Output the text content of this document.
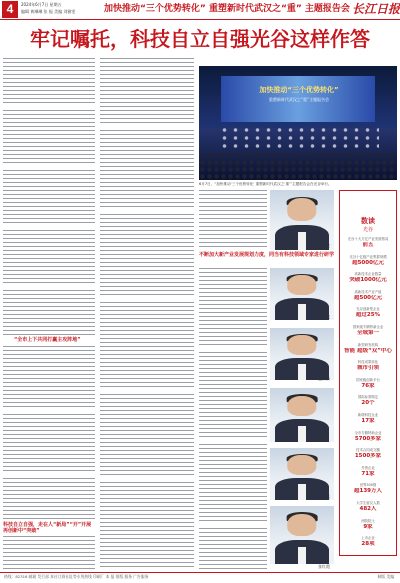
4	2024年6月7日 星期五
编辑 黄琳琳 张 振 美编 刘雅雯	加快推动“三个优势转化” 重塑新时代武汉之“重” 主题报告会 长江日报
牢记嘱托，科技自立自强光谷这样作答
“全市上下共同打赢主攻阵地”
科技自立自强，走在人“新局”“开”开展再创新中“突破”
加快推动“三个优势转化”
重塑新时代武汉之“重”主题报告会
6月7日，“加快推动‘三个优势转化’ 重塑新时代武汉之‘重’”主题报告会在光谷举行。
不断加大新产业发展规划力度，同当有科技领域专家进行研学
马明亮
刘显飞
赵伟新
胡剑
王仁运
张红霞
数读
光谷
光谷十大万亿产业发展格局
前五
光谷十亿级产业集群规模
超5000亿元
高新技术企业数量
突破1000亿元
高新技术产业产值
超500亿元
光谷创新型企业
超过25%
国家级专精特新企业
全域第一
新型研发机构
智能 超级“双”中心
科技成果转化
城市引领
国家级创新平台
76家
国际标准制定
20个
新增科技企业
17家
全市专精特新企业
5700多家
技术合同成交额
1500多家
外资企业
71家
世界500强
超139万人
大学生留汉人数
482人
两院院士
9家
上市企业
28项
热线：82316 邮箱 发行部 本社订阅社址等专用热线 印刷厂 本 报 排版 服务 广告服务	制版 美编
